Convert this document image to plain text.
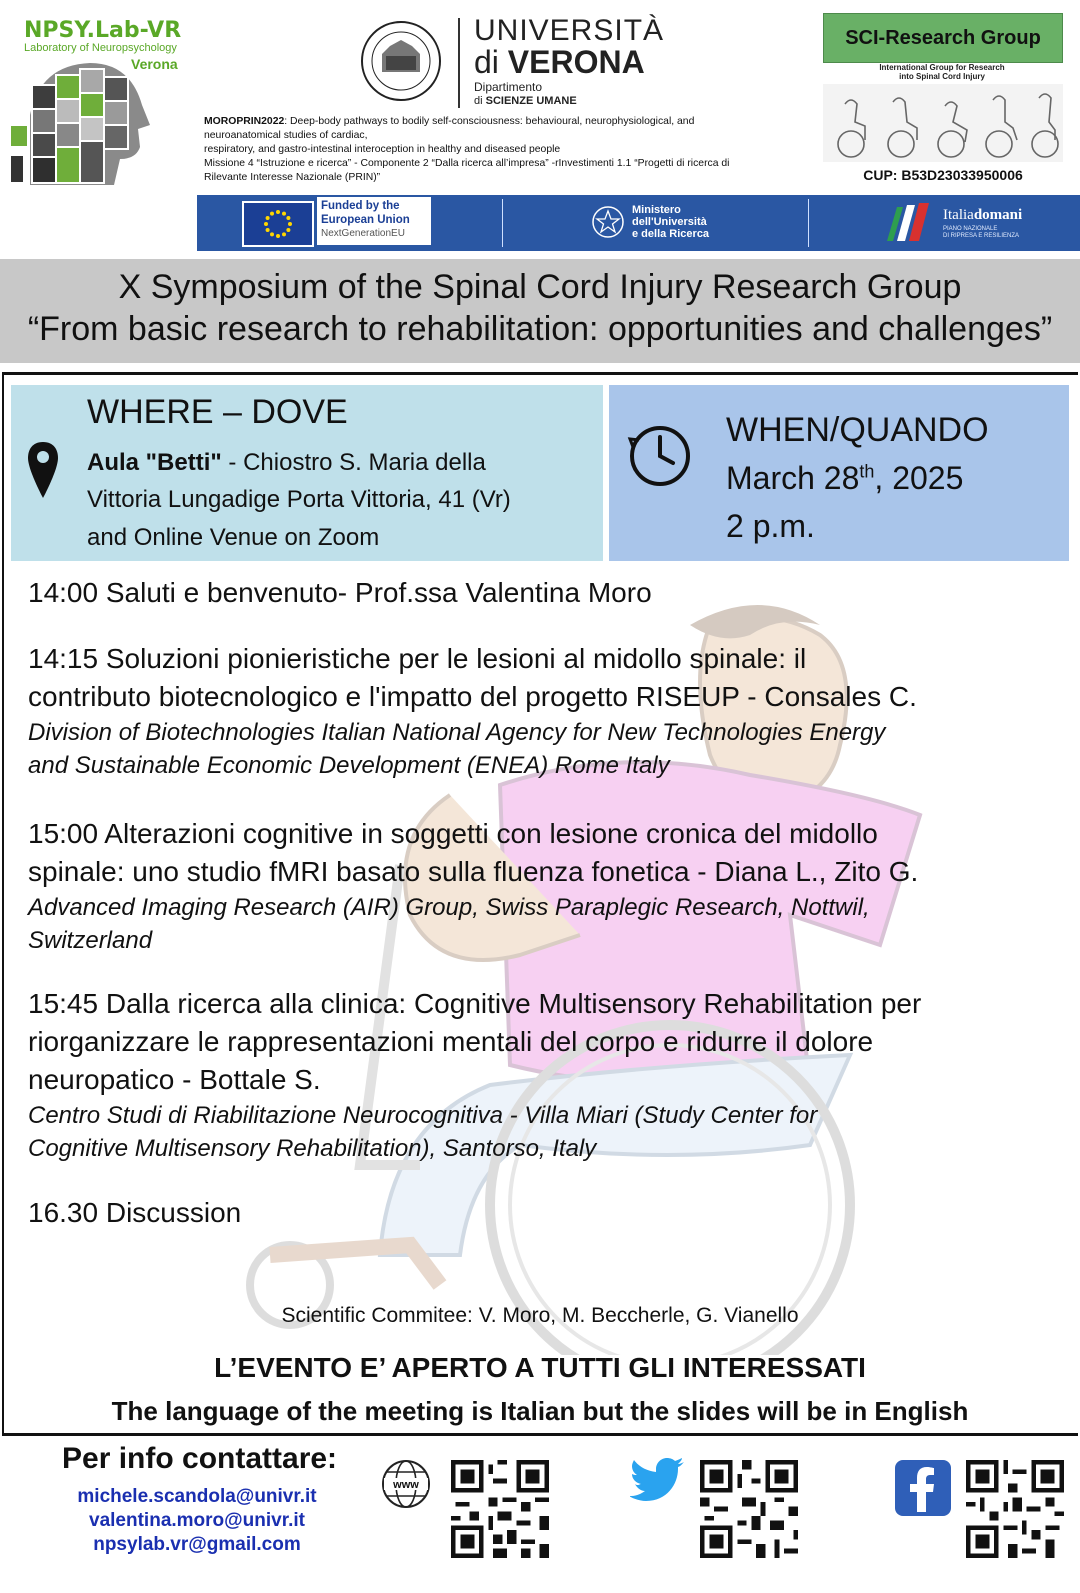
NPSY.Lab-VR
Laboratory of Neuropsychology
Verona
UNIVERSITÀ
di VERONA
Dipartimento
di SCIENZE UMANE
MOROPRIN2022: Deep-body pathways to bodily self-consciousness: behavioural, neurophysiological, and
neuroanatomical studies of cardiac,
respiratory, and gastro-intestinal interoception in healthy and diseased people
Missione 4 “Istruzione e ricerca” - Componente 2 “Dalla ricerca all’impresa” -rInvestimenti 1.1 “Progetti di ricerca di
Rilevante Interesse Nazionale (PRIN)”
SCI-Research Group
International Group for Research
into Spinal Cord Injury
CUP: B53D23033950006
Funded by the
European Union
NextGenerationEU
Ministero
dell'Università
e della Ricerca
Italiadomani
PIANO NAZIONALE
DI RIPRESA E RESILIENZA
X Symposium of the Spinal Cord Injury Research Group
“From basic research to rehabilitation: opportunities and challenges”
WHERE – DOVE
Aula "Betti" - Chiostro S. Maria della
Vittoria Lungadige Porta Vittoria, 41 (Vr)
and Online Venue on Zoom
WHEN/QUANDO
March 28th, 2025
2 p.m.
14:00 Saluti e benvenuto- Prof.ssa Valentina Moro
14:15 Soluzioni pionieristiche per le lesioni al midollo spinale: il
contributo biotecnologico e l'impatto del progetto RISEUP - Consales C.
Division of Biotechnologies Italian National Agency for New Technologies Energy
and Sustainable Economic Development (ENEA) Rome Italy
15:00 Alterazioni cognitive in soggetti con lesione cronica del midollo
spinale: uno studio fMRI basato sulla fluenza fonetica - Diana L., Zito G.
Advanced Imaging Research (AIR) Group, Swiss Paraplegic Research, Nottwil,
Switzerland
15:45 Dalla ricerca alla clinica: Cognitive Multisensory Rehabilitation per
riorganizzare le rappresentazioni mentali del corpo e ridurre il dolore
neuropatico - Bottale S.
Centro Studi di Riabilitazione Neurocognitiva - Villa Miari (Study Center for
Cognitive Multisensory Rehabilitation), Santorso, Italy
16.30 Discussion
Scientific Commitee: V. Moro, M. Beccherle, G. Vianello
L’EVENTO E’ APERTO A TUTTI GLI INTERESSATI
The language of the meeting is Italian but the slides will be in English
Per info contattare:
michele.scandola@univr.it
valentina.moro@univr.it
npsylab.vr@gmail.com
www
